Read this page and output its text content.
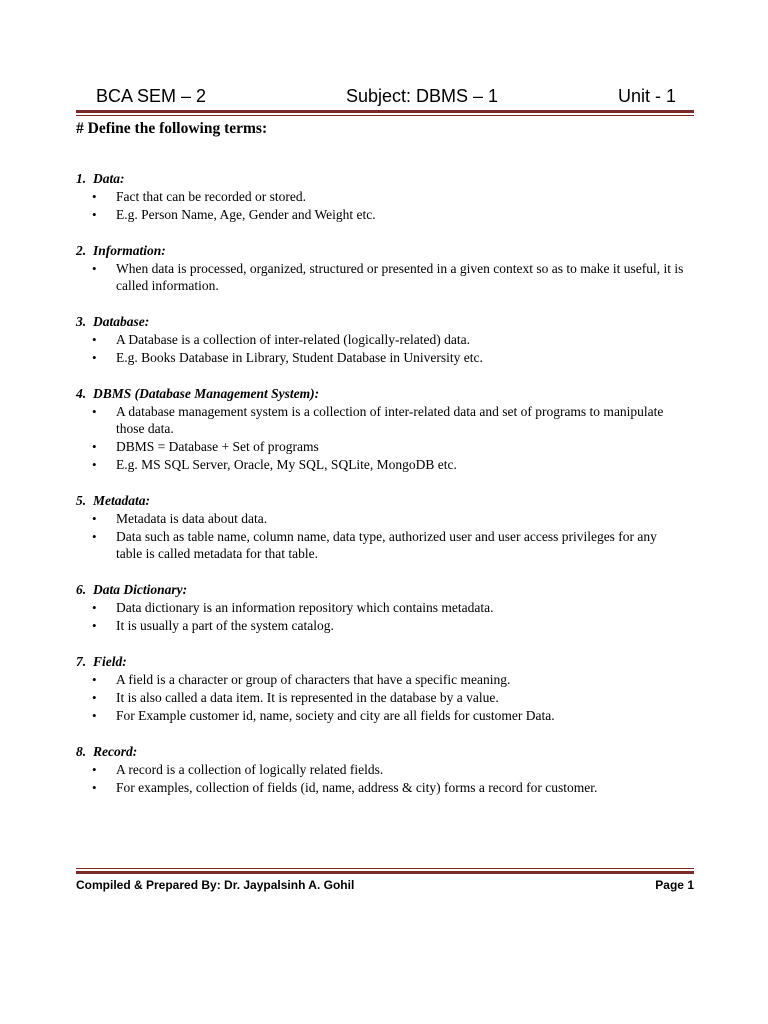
BCA SEM – 2	Subject: DBMS – 1	Unit - 1
# Define the following terms:
1. Data:
• Fact that can be recorded or stored.
• E.g. Person Name, Age, Gender and Weight etc.
2. Information:
• When data is processed, organized, structured or presented in a given context so as to make it useful, it is called information.
3. Database:
• A Database is a collection of inter-related (logically-related) data.
• E.g. Books Database in Library, Student Database in University etc.
4. DBMS (Database Management System):
• A database management system is a collection of inter-related data and set of programs to manipulate those data.
• DBMS = Database + Set of programs
• E.g. MS SQL Server, Oracle, My SQL, SQLite, MongoDB etc.
5. Metadata:
• Metadata is data about data.
• Data such as table name, column name, data type, authorized user and user access privileges for any table is called metadata for that table.
6. Data Dictionary:
• Data dictionary is an information repository which contains metadata.
• It is usually a part of the system catalog.
7. Field:
• A field is a character or group of characters that have a specific meaning.
• It is also called a data item. It is represented in the database by a value.
• For Example customer id, name, society and city are all fields for customer Data.
8. Record:
• A record is a collection of logically related fields.
• For examples, collection of fields (id, name, address & city) forms a record for customer.
Compiled & Prepared By: Dr. Jaypalsinh A. Gohil	Page 1
